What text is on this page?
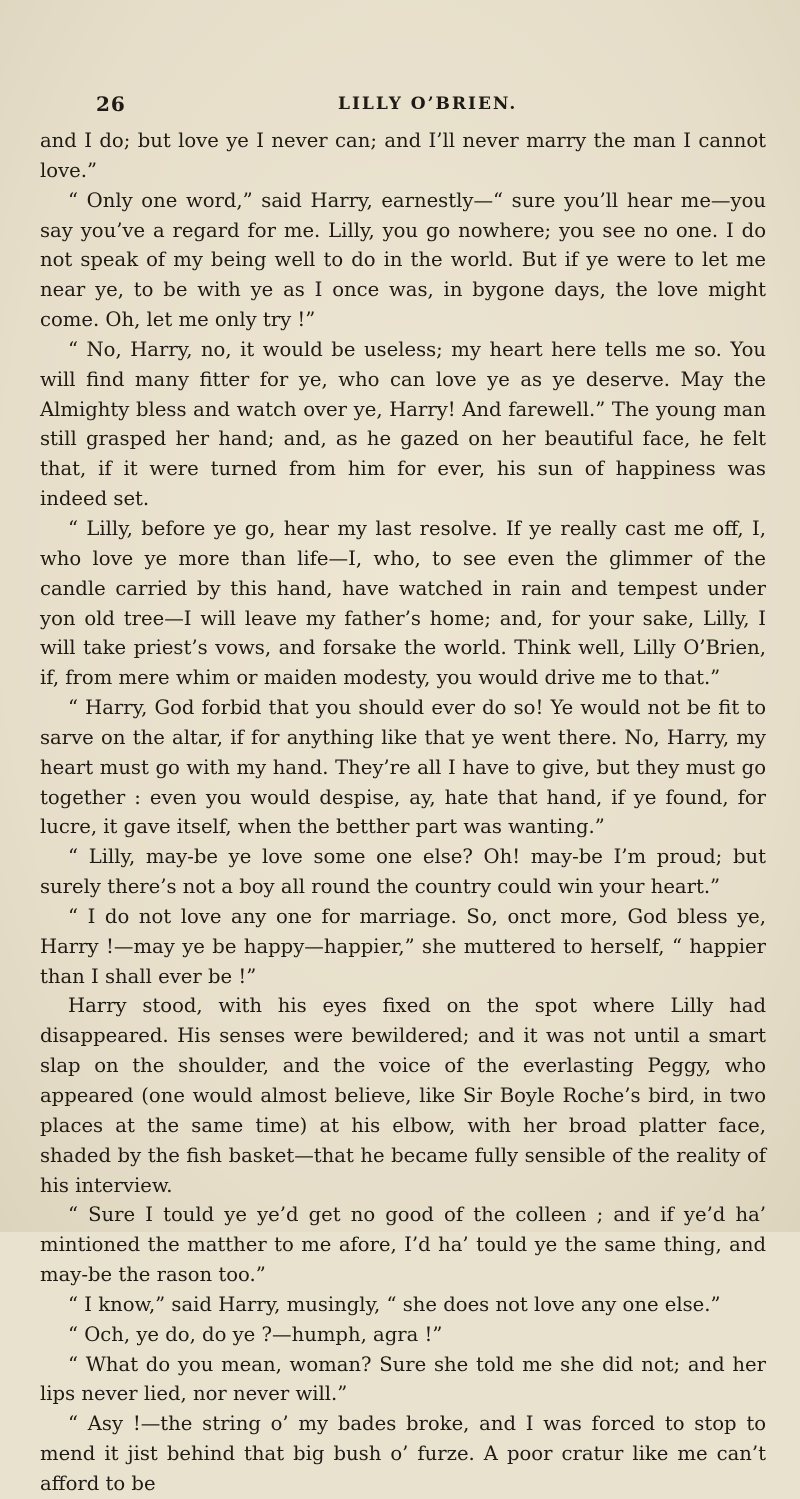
26	LILLY O’BRIEN.

and I do; but love ye I never can; and I’ll never marry the man I cannot love.”

“ Only one word,” said Harry, earnestly—“ sure you’ll hear me—you say you’ve a regard for me. Lilly, you go nowhere; you see no one. I do not speak of my being well to do in the world. But if ye were to let me near ye, to be with ye as I once was, in bygone days, the love might come. Oh, let me only try !”

“ No, Harry, no, it would be useless; my heart here tells me so. You will find many fitter for ye, who can love ye as ye deserve. May the Almighty bless and watch over ye, Harry! And farewell.” The young man still grasped her hand; and, as he gazed on her beautiful face, he felt that, if it were turned from him for ever, his sun of happiness was indeed set.

“ Lilly, before ye go, hear my last resolve. If ye really cast me off, I, who love ye more than life—I, who, to see even the glimmer of the candle carried by this hand, have watched in rain and tempest under yon old tree—I will leave my father’s home; and, for your sake, Lilly, I will take priest’s vows, and forsake the world. Think well, Lilly O’Brien, if, from mere whim or maiden modesty, you would drive me to that.”

“ Harry, God forbid that you should ever do so! Ye would not be fit to sarve on the altar, if for anything like that ye went there. No, Harry, my heart must go with my hand. They’re all I have to give, but they must go together : even you would despise, ay, hate that hand, if ye found, for lucre, it gave itself, when the betther part was wanting.”

“ Lilly, may-be ye love some one else? Oh! may-be I’m proud; but surely there’s not a boy all round the country could win your heart.”

“ I do not love any one for marriage. So, onct more, God bless ye, Harry !—may ye be happy—happier,” she muttered to herself, “ happier than I shall ever be !”

Harry stood, with his eyes fixed on the spot where Lilly had disappeared. His senses were bewildered; and it was not until a smart slap on the shoulder, and the voice of the everlasting Peggy, who appeared (one would almost believe, like Sir Boyle Roche’s bird, in two places at the same time) at his elbow, with her broad platter face, shaded by the fish basket—that he became fully sensible of the reality of his interview.

“ Sure I tould ye ye’d get no good of the colleen ; and if ye’d ha’ mintioned the matther to me afore, I’d ha’ tould ye the same thing, and may-be the rason too.”

“ I know,” said Harry, musingly, “ she does not love any one else.”

“ Och, ye do, do ye ?—humph, agra !”

“ What do you mean, woman? Sure she told me she did not; and her lips never lied, nor never will.”

“ Asy !—the string o’ my bades broke, and I was forced to stop to mend it jist behind that big bush o’ furze. A poor cratur like me can’t afford to be
